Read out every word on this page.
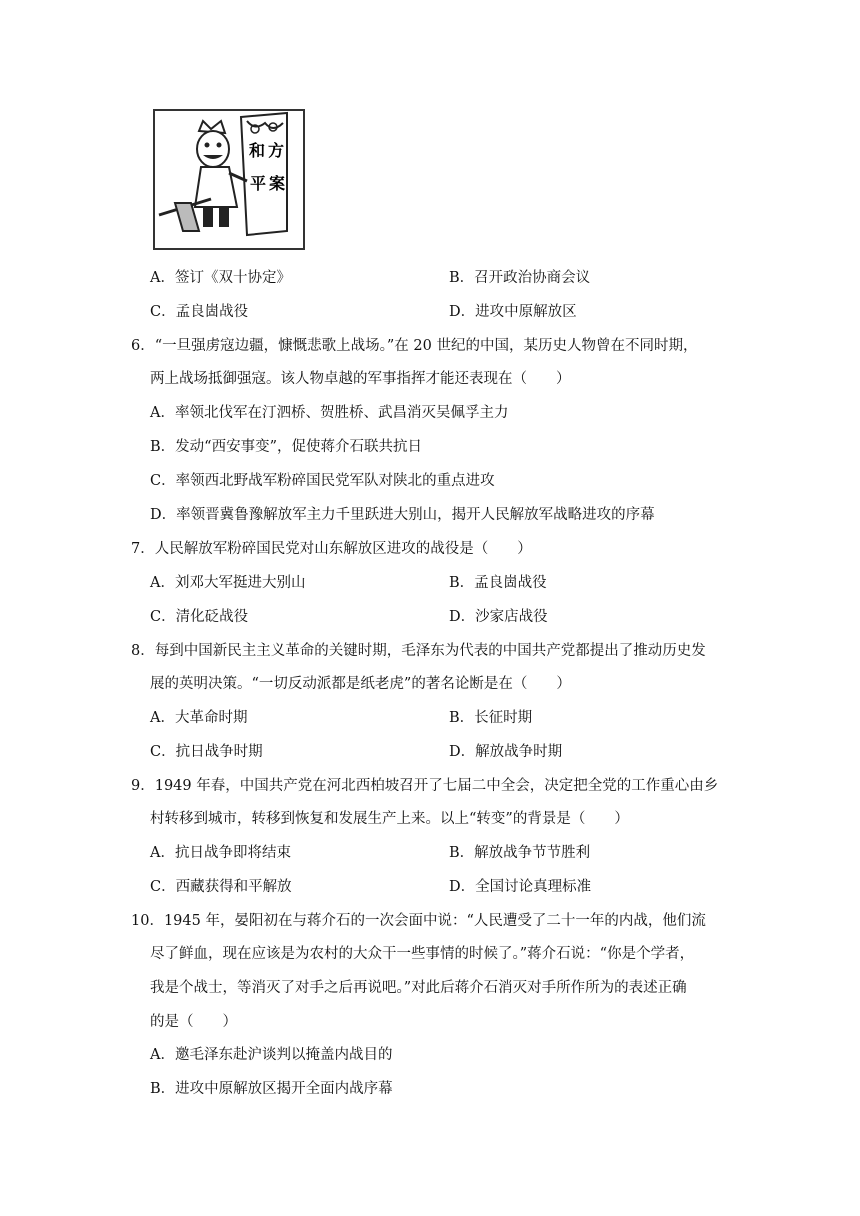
和 方
平 案
A．签订《双十协定》	B．召开政治协商会议
C．孟良崮战役	D．进攻中原解放区
6．“一旦强虏寇边疆，慷慨悲歌上战场。”在 20 世纪的中国，某历史人物曾在不同时期，
两上战场抵御强寇。该人物卓越的军事指挥才能还表现在（　　）
A．率领北伐军在汀泗桥、贺胜桥、武昌消灭吴佩孚主力
B．发动“西安事变”，促使蒋介石联共抗日
C．率领西北野战军粉碎国民党军队对陕北的重点进攻
D．率领晋冀鲁豫解放军主力千里跃进大别山，揭开人民解放军战略进攻的序幕
7．人民解放军粉碎国民党对山东解放区进攻的战役是（　　）
A．刘邓大军挺进大别山	B．孟良崮战役
C．清化砭战役	D．沙家店战役
8．每到中国新民主主义革命的关键时期，毛泽东为代表的中国共产党都提出了推动历史发
展的英明决策。“一切反动派都是纸老虎”的著名论断是在（　　）
A．大革命时期	B．长征时期
C．抗日战争时期	D．解放战争时期
9．1949 年春，中国共产党在河北西柏坡召开了七届二中全会，决定把全党的工作重心由乡
村转移到城市，转移到恢复和发展生产上来。以上“转变”的背景是（　　）
A．抗日战争即将结束	B．解放战争节节胜利
C．西藏获得和平解放	D．全国讨论真理标准
10．1945 年，晏阳初在与蒋介石的一次会面中说：“人民遭受了二十一年的内战，他们流
尽了鲜血，现在应该是为农村的大众干一些事情的时候了。”蒋介石说：“你是个学者，
我是个战士，等消灭了对手之后再说吧。”对此后蒋介石消灭对手所作所为的表述正确
的是（　　）
A．邀毛泽东赴沪谈判以掩盖内战目的
B．进攻中原解放区揭开全面内战序幕
